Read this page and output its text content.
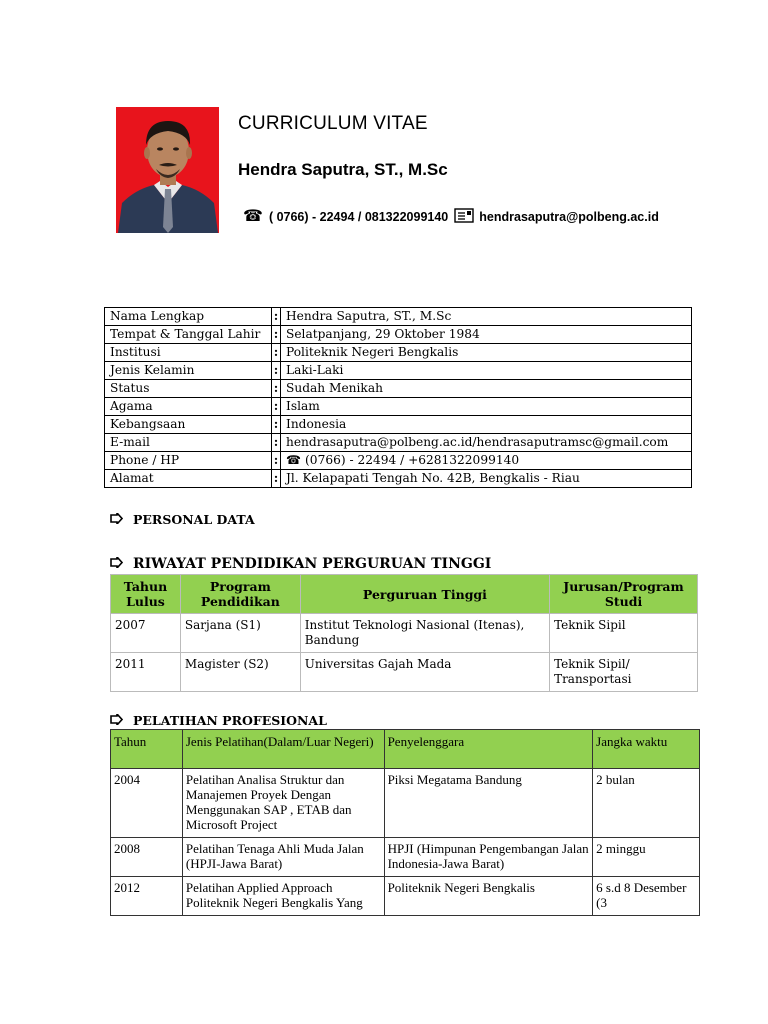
CURRICULUM VITAE
Hendra Saputra, ST., M.Sc
☎ ( 0766) - 22494 / 081322099140 hendrasaputra@polbeng.ac.id
Nama Lengkap	:	Hendra Saputra, ST., M.Sc
Tempat & Tanggal Lahir	:	Selatpanjang, 29 Oktober 1984
Institusi	:	Politeknik Negeri Bengkalis
Jenis Kelamin	:	Laki-Laki
Status	:	Sudah Menikah
Agama	:	Islam
Kebangsaan	:	Indonesia
E-mail	:	hendrasaputra@polbeng.ac.id/hendrasaputramsc@gmail.com
Phone / HP	:	☎ (0766) - 22494 / +6281322099140
Alamat	:	Jl. Kelapapati Tengah No. 42B, Bengkalis - Riau
PERSONAL DATA
RIWAYAT PENDIDIKAN PERGURUAN TINGGI
Tahun Lulus	Program Pendidikan	Perguruan Tinggi	Jurusan/Program Studi
2007	Sarjana (S1)	Institut Teknologi Nasional (Itenas), Bandung	Teknik Sipil
2011	Magister (S2)	Universitas Gajah Mada	Teknik Sipil/ Transportasi
PELATIHAN PROFESIONAL
Tahun	Jenis Pelatihan(Dalam/Luar Negeri)	Penyelenggara	Jangka waktu
2004	Pelatihan Analisa Struktur dan Manajemen Proyek Dengan Menggunakan SAP , ETAB dan Microsoft Project	Piksi Megatama Bandung	2 bulan
2008	Pelatihan Tenaga Ahli Muda Jalan (HPJI-Jawa Barat)	HPJI (Himpunan Pengembangan Jalan Indonesia-Jawa Barat)	2 minggu
2012	Pelatihan Applied Approach Politeknik Negeri Bengkalis Yang	Politeknik Negeri Bengkalis	6 s.d 8 Desember (3
